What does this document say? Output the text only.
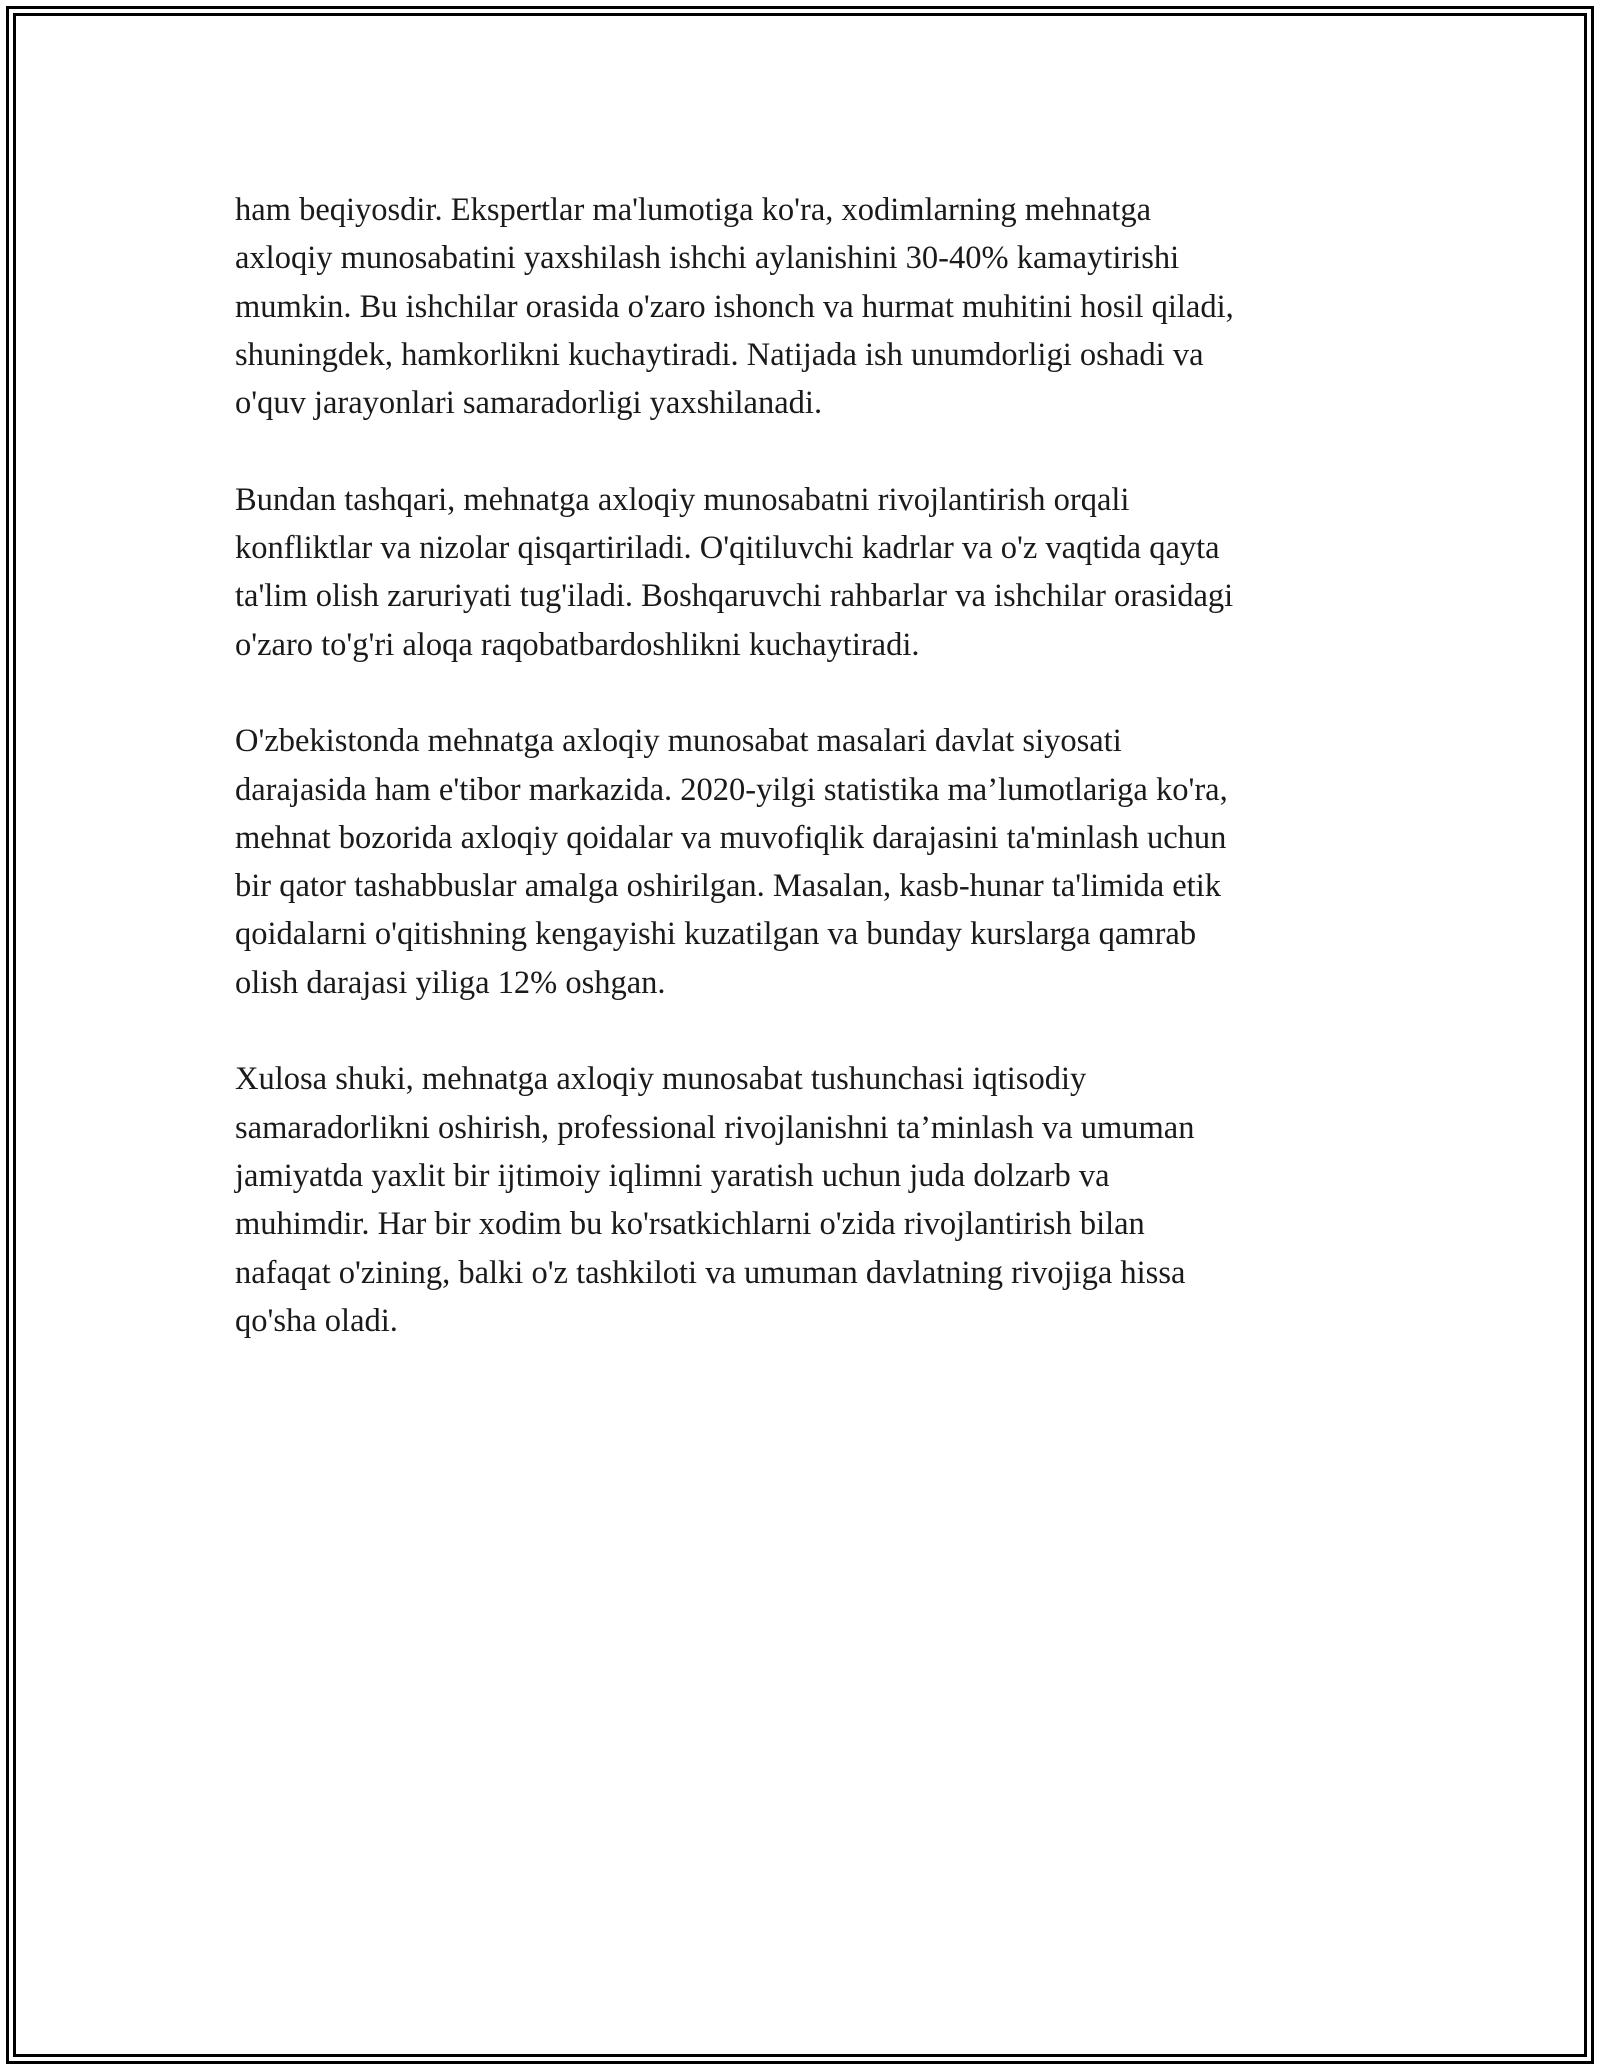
ham beqiyosdir. Ekspertlar ma'lumotiga ko'ra, xodimlarning mehnatga
axloqiy munosabatini yaxshilash ishchi aylanishini 30-40% kamaytirishi
mumkin. Bu ishchilar orasida o'zaro ishonch va hurmat muhitini hosil qiladi,
shuningdek, hamkorlikni kuchaytiradi. Natijada ish unumdorligi oshadi va
o'quv jarayonlari samaradorligi yaxshilanadi.

Bundan tashqari, mehnatga axloqiy munosabatni rivojlantirish orqali
konfliktlar va nizolar qisqartiriladi. O'qitiluvchi kadrlar va o'z vaqtida qayta
ta'lim olish zaruriyati tug'iladi. Boshqaruvchi rahbarlar va ishchilar orasidagi
o'zaro to'g'ri aloqa raqobatbardoshlikni kuchaytiradi.

O'zbekistonda mehnatga axloqiy munosabat masalari davlat siyosati
darajasida ham e'tibor markazida. 2020-yilgi statistika ma’lumotlariga ko'ra,
mehnat bozorida axloqiy qoidalar va muvofiqlik darajasini ta'minlash uchun
bir qator tashabbuslar amalga oshirilgan. Masalan, kasb-hunar ta'limida etik
qoidalarni o'qitishning kengayishi kuzatilgan va bunday kurslarga qamrab
olish darajasi yiliga 12% oshgan.

Xulosa shuki, mehnatga axloqiy munosabat tushunchasi iqtisodiy
samaradorlikni oshirish, professional rivojlanishni ta’minlash va umuman
jamiyatda yaxlit bir ijtimoiy iqlimni yaratish uchun juda dolzarb va
muhimdir. Har bir xodim bu ko'rsatkichlarni o'zida rivojlantirish bilan
nafaqat o'zining, balki o'z tashkiloti va umuman davlatning rivojiga hissa
qo'sha oladi.
